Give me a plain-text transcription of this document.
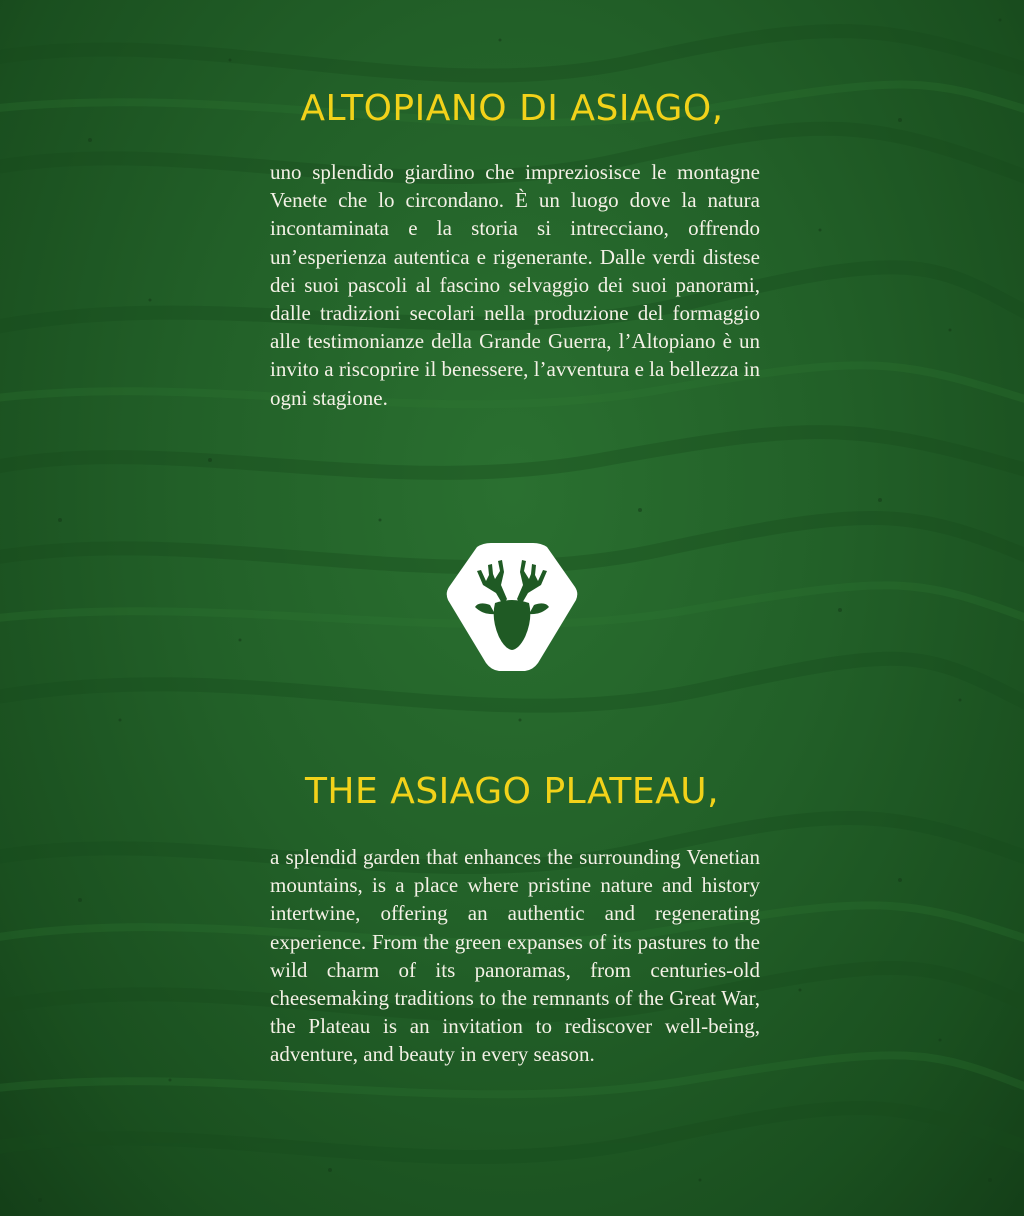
ALTOPIANO DI ASIAGO,

uno splendido giardino che impreziosisce le montagne Venete che lo circondano. È un luogo dove la natura incontaminata e la storia si intrecciano, offrendo un’esperienza autentica e rigenerante. Dalle verdi distese dei suoi pascoli al fascino selvaggio dei suoi panorami, dalle tradizioni secolari nella produzione del formaggio alle testimonianze della Grande Guerra, l’Altopiano è un invito a riscoprire il benessere, l’avventura e la bellezza in ogni stagione.

THE ASIAGO PLATEAU,

a splendid garden that enhances the surrounding Venetian mountains, is a place where pristine nature and history intertwine, offering an authentic and regenerating experience. From the green expanses of its pastures to the wild charm of its panoramas, from centuries-old cheesemaking traditions to the remnants of the Great War, the Plateau is an invitation to rediscover well-being, adventure, and beauty in every season.
